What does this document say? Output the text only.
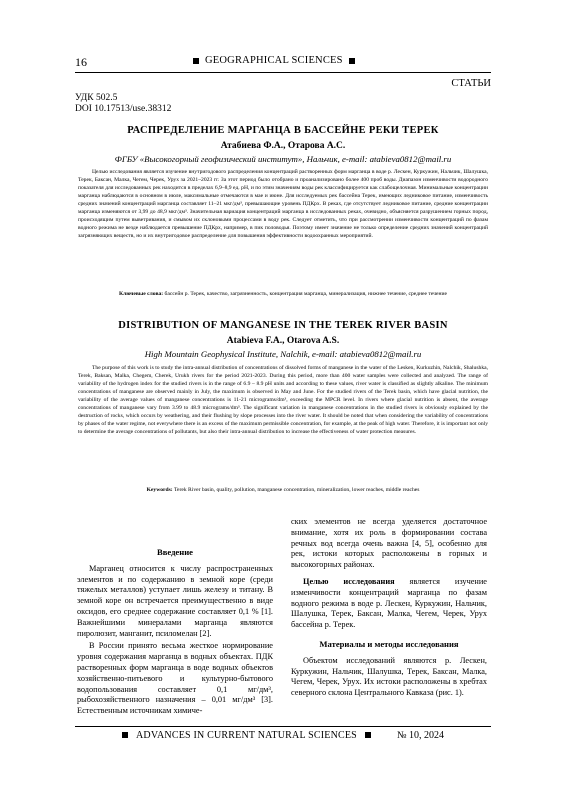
16	GEOGRAPHICAL SCIENCES
СТАТЬИ
УДК 502.5
DOI 10.17513/use.38312
РАСПРЕДЕЛЕНИЕ МАРГАНЦА В БАССЕЙНЕ РЕКИ ТЕРЕК
Атабиева Ф.А., Отарова А.С.
ФГБУ «Высокогорный геофизический институт», Нальчик, e-mail: atabieva0812@mail.ru
Целью исследования является изучение внутригодового распределения концентраций растворенных форм марганца в воде р. Лескен, Куркужин, Нальчик, Шалушка, Терек, Баксан, Малка, Чегем, Черек, Урух за 2021–2023 гг. За этот период было отобрано и проанализировано более 400 проб воды. Диапазон изменчивости водородного показателя для исследованных рек находится в пределах 6,9–8,9 ед. рН, и по этим значениям воды рек классифицируется как слабощелочная. Минимальные концентрации марганца наблюдаются в основном в июле, максимальные отмечаются в мае и июне. Для исследуемых рек бассейна Терек, имеющих ледниковое питание, изменчивость средних значений концентраций марганца составляет 11–21 мкг/дм³, превышающие уровень ПДКрх. В реках, где отсутствует ледниковое питание, средние концентрации марганца изменяются от 3,99 до 48,9 мкг/дм³. Значительная вариация концентраций марганца в исследованных реках, очевидно, объясняется разрушением горных пород, происходящим путем выветривания, и смывом их склоновыми процессами в воду рек. Следует отметить, что при рассмотрении изменчивости концентраций по фазам водного режима не везде наблюдается превышение ПДКрх, например, в пик половодья. Поэтому имеет значение не только определение средних значений концентраций загрязняющих веществ, но и их внутригодовое распределение для повышения эффективности водоохранных мероприятий.
Ключевые слова: бассейн р. Терек, качество, загрязненность, концентрация марганца, минерализация, нижнее течение, среднее течение
DISTRIBUTION OF MANGANESE IN THE TEREK RIVER BASIN
Atabieva F.A., Otarova A.S.
High Mountain Geophysical Institute, Nalchik, e-mail: atabieva0812@mail.ru
The purpose of this work is to study the intra-annual distribution of concentrations of dissolved forms of manganese in the water of the Lesken, Kurkuzhin, Nalchik, Shalushka, Terek, Baksan, Malka, Chegem, Cherek, Urukh rivers for the period 2021-2023. During this period, more than 400 water samples were collected and analyzed. The range of variability of the hydrogen index for the studied rivers is in the range of 6.9 – 8.9 pH units and according to these values, river water is classified as slightly alkaline. The minimum concentrations of manganese are observed mainly in July, the maximum is observed in May and June. For the studied rivers of the Terek basin, which have glacial nutrition, the variability of the average values of manganese concentrations is 11-21 micrograms/dm³, exceeding the MPCR level. In rivers where glacial nutrition is absent, the average concentrations of manganese vary from 3.99 to 48.9 micrograms/dm³. The significant variation in manganese concentrations in the studied rivers is obviously explained by the destruction of rocks, which occurs by weathering, and their flushing by slope processes into the river water. It should be noted that when considering the variability of concentrations by phases of the water regime, not everywhere there is an excess of the maximum permissible concentration, for example, at the peak of high water. Therefore, it is important not only to determine the average concentrations of pollutants, but also their intra-annual distribution to increase the effectiveness of water protection measures.
Keywords: Terek River basin, quality, pollution, manganese concentration, mineralization, lower reaches, middle reaches
Введение

Марганец относится к числу распространенных элементов и по содержанию в земной коре (среди тяжелых металлов) уступает лишь железу и титану. В земной коре он встречается преимущественно в виде оксидов, его среднее содержание составляет 0,1 % [1]. Важнейшими минералами марганца являются пиролюзит, манганит, псиломелан [2].

В России принято весьма жесткое нормирование уровня содержания марганца в водных объектах. ПДК растворенных форм марганца в воде водных объектов хозяйственно-питьевого и культурно-бытового водопользования составляет 0,1 мг/дм³, рыбохозяйственного назначения – 0,01 мг/дм³ [3]. Естественным источникам химиче-

ских элементов не всегда уделяется достаточное внимание, хотя их роль в формировании состава речных вод всегда очень важна [4, 5], особенно для рек, истоки которых расположены в горных и высокогорных районах.

Целью исследования является изучение изменчивости концентраций марганца по фазам водного режима в воде р. Лескен, Куркужин, Нальчик, Шалушка, Терек, Баксан, Малка, Чегем, Черек, Урух бассейна р. Терек.

Материалы и методы исследования

Объектом исследований являются р. Лескен, Куркужин, Нальчик, Шалушка, Терек, Баксан, Малка, Чегем, Черек, Урух. Их истоки расположены в хребтах северного склона Центрального Кавказа (рис. 1).

ADVANCES IN CURRENT NATURAL SCIENCES	№ 10, 2024
